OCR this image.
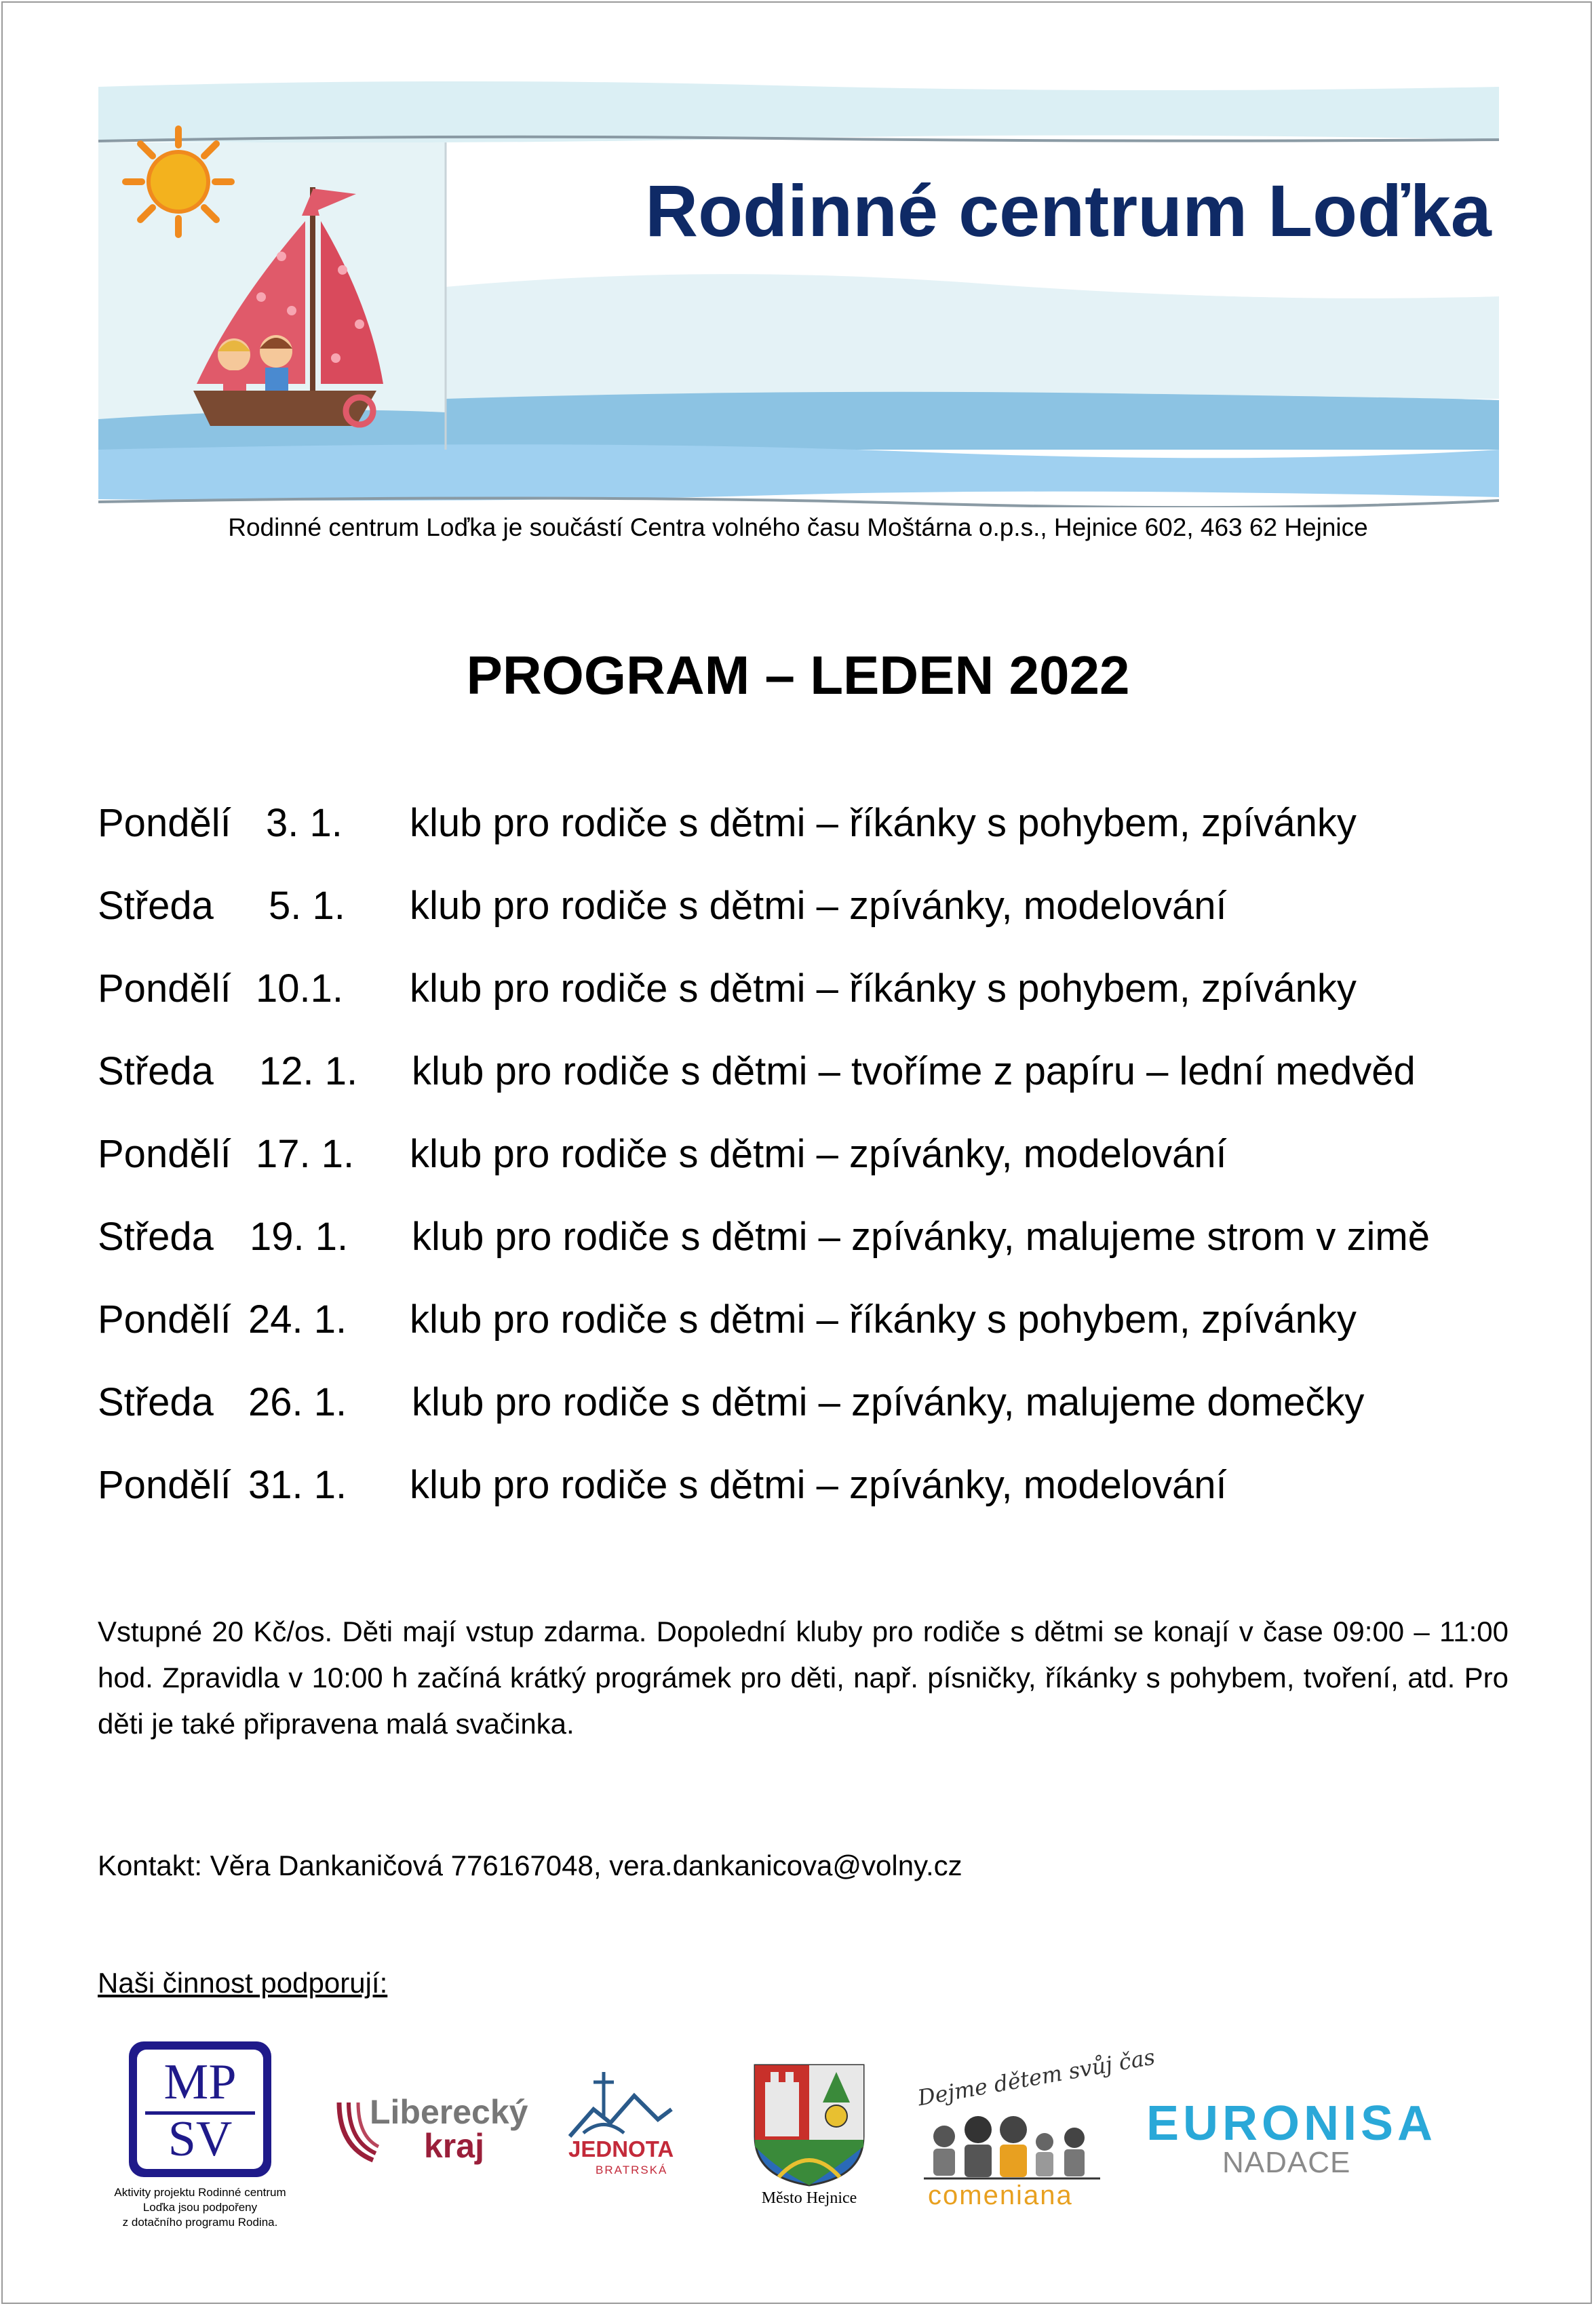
Rodinné centrum Loďka
Rodinné centrum Loďka je součástí Centra volného času Moštárna o.p.s., Hejnice 602, 463 62 Hejnice
PROGRAM – LEDEN 2022
Pondělí 3. 1.	klub pro rodiče s dětmi – říkánky s pohybem, zpívánky
Středa 5. 1.	klub pro rodiče s dětmi – zpívánky, modelování
Pondělí 10.1.	klub pro rodiče s dětmi – říkánky s pohybem, zpívánky
Středa 12. 1.	klub pro rodiče s dětmi – tvoříme z papíru – lední medvěd
Pondělí 17. 1.	klub pro rodiče s dětmi – zpívánky, modelování
Středa 19. 1.	klub pro rodiče s dětmi – zpívánky, malujeme strom v zimě
Pondělí 24. 1.	klub pro rodiče s dětmi – říkánky s pohybem, zpívánky
Středa 26. 1.	klub pro rodiče s dětmi – zpívánky, malujeme domečky
Pondělí 31. 1.	klub pro rodiče s dětmi – zpívánky, modelování
Vstupné 20 Kč/os. Děti mají vstup zdarma. Dopolední kluby pro rodiče s dětmi se konají v čase 09:00 – 11:00 hod. Zpravidla v 10:00 h začíná krátký prográmek pro děti, např. písničky, říkánky s pohybem, tvoření, atd. Pro děti je také připravena malá svačinka.
Kontakt: Věra Dankaničová 776167048, vera.dankanicova@volny.cz
Naši činnost podporují:
MP
SV
Aktivity projektu Rodinné centrum
Loďka jsou podpořeny
z dotačního programu Rodina.
Liberecký
kraj	JEDNOTA
BRATRSKÁ
Město Hejnice
Dejme dětem svůj čas
comeniana
EURONISA
NADACE
